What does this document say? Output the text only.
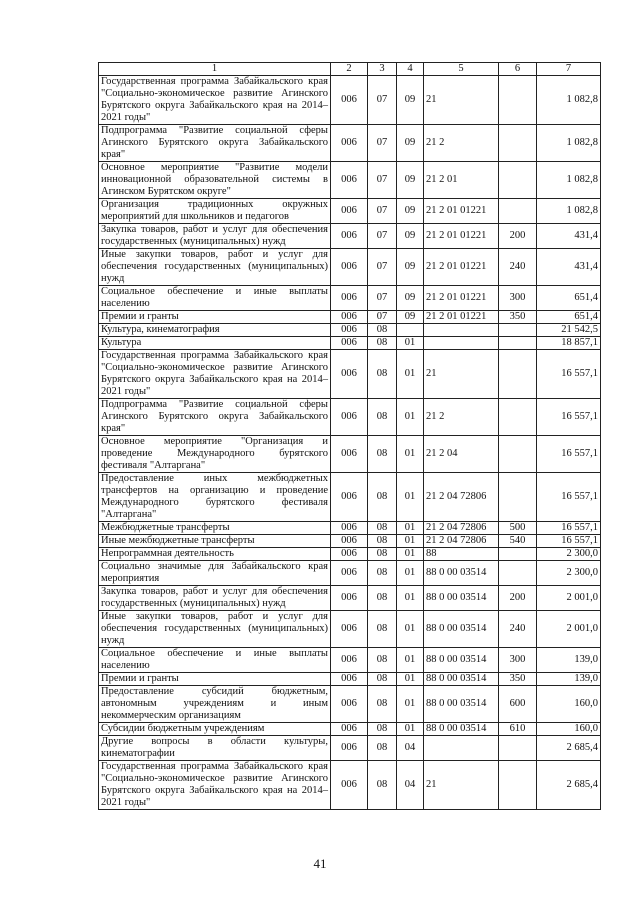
1	2	3	4	5	6	7
Государственная программа Забайкальского края "Социально-экономическое развитие Агинского Бурятского округа Забайкальского края на 2014–2021 годы"	006	07	09	21		1 082,8
Подпрограмма "Развитие социальной сферы Агинского Бурятского округа Забайкальского края"	006	07	09	21 2		1 082,8
Основное мероприятие "Развитие модели инновационной образовательной системы в Агинском Бурятском округе"	006	07	09	21 2 01		1 082,8
Организация традиционных окружных мероприятий для школьников и педагогов	006	07	09	21 2 01 01221		1 082,8
Закупка товаров, работ и услуг для обеспечения государственных (муниципальных) нужд	006	07	09	21 2 01 01221	200	431,4
Иные закупки товаров, работ и услуг для обеспечения государственных (муниципальных) нужд	006	07	09	21 2 01 01221	240	431,4
Социальное обеспечение и иные выплаты населению	006	07	09	21 2 01 01221	300	651,4
Премии и гранты	006	07	09	21 2 01 01221	350	651,4
Культура, кинематография	006	08				21 542,5
Культура	006	08	01			18 857,1
Государственная программа Забайкальского края "Социально-экономическое развитие Агинского Бурятского округа Забайкальского края на 2014–2021 годы"	006	08	01	21		16 557,1
Подпрограмма "Развитие социальной сферы Агинского Бурятского округа Забайкальского края"	006	08	01	21 2		16 557,1
Основное мероприятие "Организация и проведение Международного бурятского фестиваля "Алтаргана"	006	08	01	21 2 04		16 557,1
Предоставление иных межбюджетных трансфертов на организацию и проведение Международного бурятского фестиваля "Алтаргана"	006	08	01	21 2 04 72806		16 557,1
Межбюджетные трансферты	006	08	01	21 2 04 72806	500	16 557,1
Иные межбюджетные трансферты	006	08	01	21 2 04 72806	540	16 557,1
Непрограммная деятельность	006	08	01	88		2 300,0
Социально значимые для Забайкальского края мероприятия	006	08	01	88 0 00 03514		2 300,0
Закупка товаров, работ и услуг для обеспечения государственных (муниципальных) нужд	006	08	01	88 0 00 03514	200	2 001,0
Иные закупки товаров, работ и услуг для обеспечения государственных (муниципальных) нужд	006	08	01	88 0 00 03514	240	2 001,0
Социальное обеспечение и иные выплаты населению	006	08	01	88 0 00 03514	300	139,0
Премии и гранты	006	08	01	88 0 00 03514	350	139,0
Предоставление субсидий бюджетным, автономным учреждениям и иным некоммерческим организациям	006	08	01	88 0 00 03514	600	160,0
Субсидии бюджетным учреждениям	006	08	01	88 0 00 03514	610	160,0
Другие вопросы в области культуры, кинематографии	006	08	04			2 685,4
Государственная программа Забайкальского края "Социально-экономическое развитие Агинского Бурятского округа Забайкальского края на 2014–2021 годы"	006	08	04	21		2 685,4
41
